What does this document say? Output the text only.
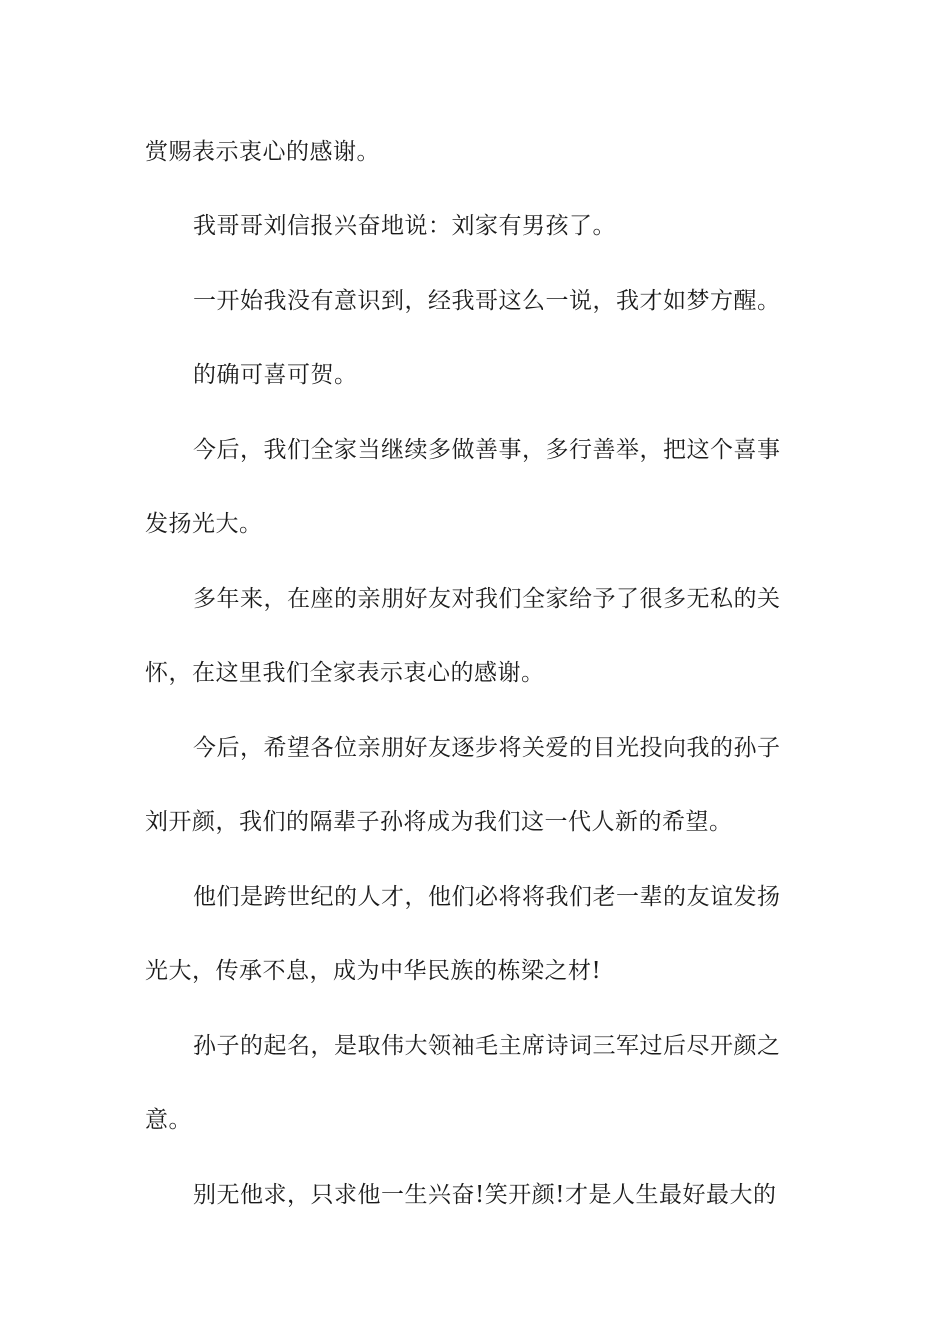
赏赐表示衷心的感谢。
我哥哥刘信报兴奋地说：刘家有男孩了。
一开始我没有意识到，经我哥这么一说，我才如梦方醒。
的确可喜可贺。
今后，我们全家当继续多做善事，多行善举，把这个喜事
发扬光大。
多年来，在座的亲朋好友对我们全家给予了很多无私的关
怀，在这里我们全家表示衷心的感谢。
今后，希望各位亲朋好友逐步将关爱的目光投向我的孙子
刘开颜，我们的隔辈子孙将成为我们这一代人新的希望。
他们是跨世纪的人才，他们必将将我们老一辈的友谊发扬
光大，传承不息，成为中华民族的栋梁之材!
孙子的起名，是取伟大领袖毛主席诗词三军过后尽开颜之
意。
别无他求，只求他一生兴奋!笑开颜!才是人生最好最大的
